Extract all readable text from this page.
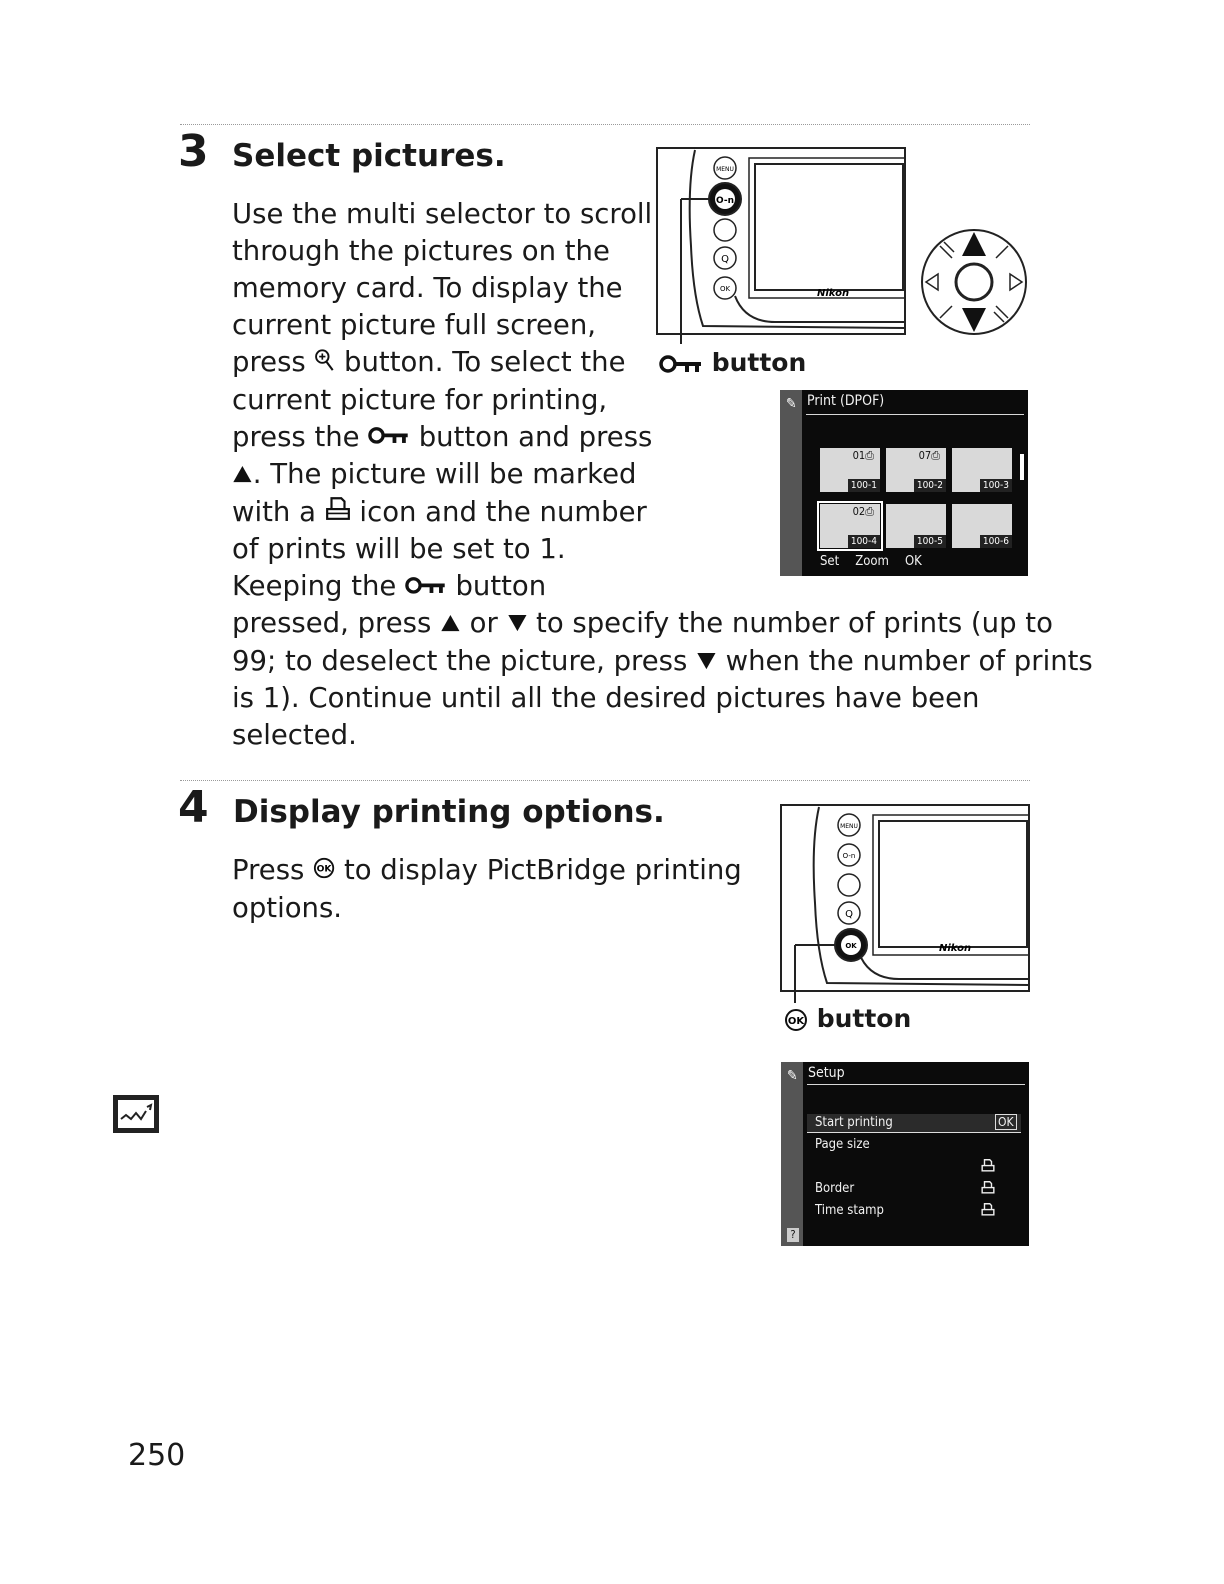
3 Select pictures.
Use the multi selector to scroll
through the pictures on the
memory card. To display the
current picture full screen,
press  button. To select the
current picture for printing,
press the  button and press
. The picture will be marked
with a  icon and the number
of prints will be set to 1.
Keeping the  button
pressed, press  or  to specify the number of prints (up to
99; to deselect the picture, press  when the number of prints
is 1). Continue until all the desired pictures have been
selected.
Nikon
MENU
O-n
Q
OK
button
✎ Print (DPOF)
01⎙
100-1
07⎙
100-2	100-3
02⎙
100-4	100-5	100-6
Set Zoom OK
4 Display printing options.
Press OK to display PictBridge printing
options.
Nikon
MENU
O-n
Q
OK
OK button
✎ Setup
Start printing	OK
Page size
Border
Time stamp
?
250
